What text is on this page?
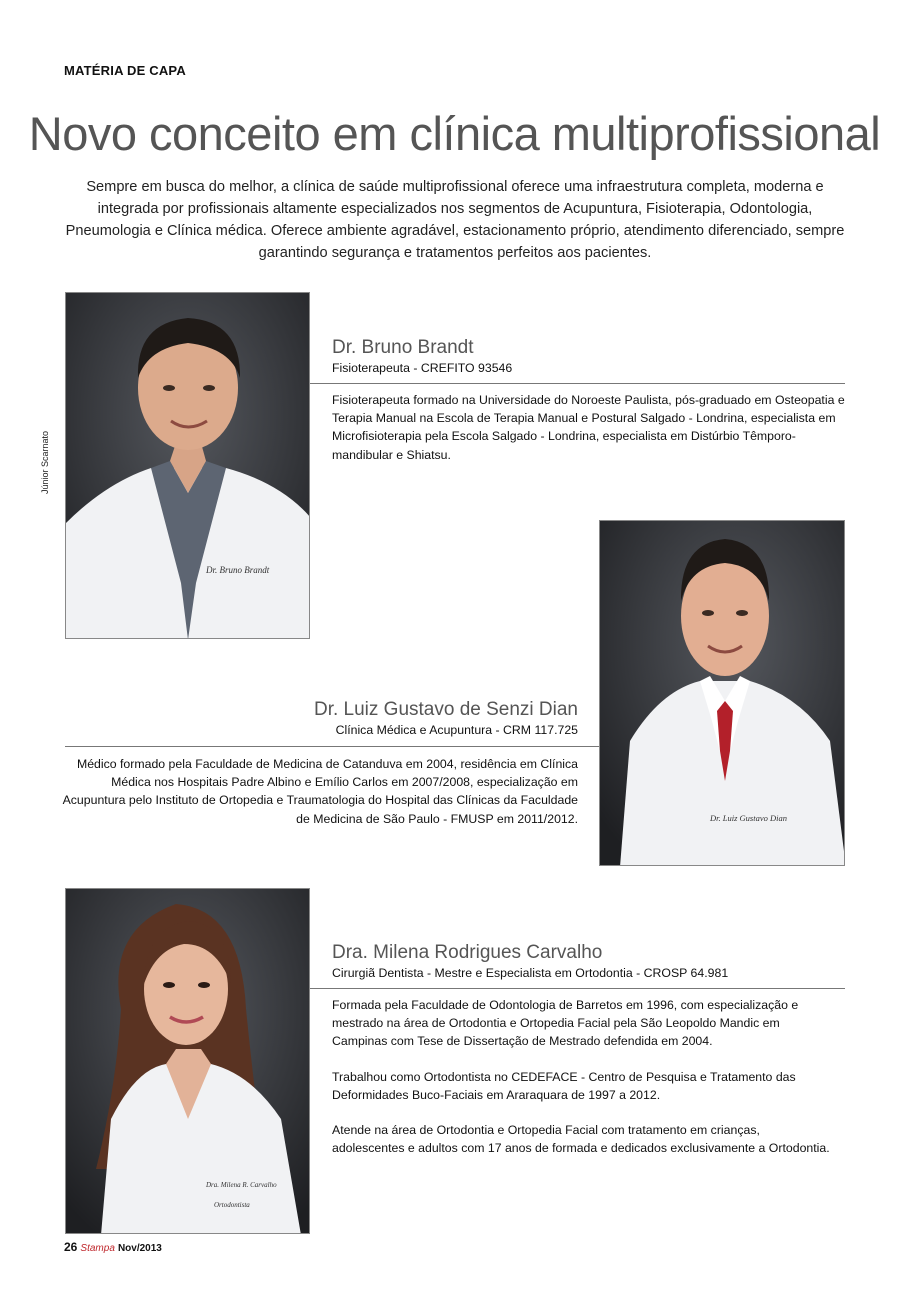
MATÉRIA DE CAPA
Novo conceito em clínica multiprofissional

Sempre em busca do melhor, a clínica de saúde multiprofissional oferece uma infraestrutura completa, moderna e integrada por profissionais altamente especializados nos segmentos de Acupuntura, Fisioterapia, Odontologia, Pneumologia e Clínica médica. Oferece ambiente agradável, estacionamento próprio, atendimento diferenciado, sempre garantindo segurança e tratamentos perfeitos aos pacientes.

Júnior Scarnato
Dr. Bruno Brandt
Dr. Bruno Brandt
Fisioterapeuta - CREFITO 93546

Fisioterapeuta formado na Universidade do Noroeste Paulista, pós-graduado em Osteopatia e Terapia Manual na Escola de Terapia Manual e Postural Salgado - Londrina, especialista em Microfisioterapia pela Escola Salgado - Londrina, especialista em Distúrbio Têmporo-mandibular e Shiatsu.

Dr. Luiz Gustavo Dian
Dr. Luiz Gustavo de Senzi Dian
Clínica Médica e Acupuntura - CRM 117.725

Médico formado pela Faculdade de Medicina de Catanduva em 2004, residência em Clínica Médica nos Hospitais Padre Albino e Emílio Carlos em 2007/2008, especialização em Acupuntura pelo Instituto de Ortopedia e Traumatologia do Hospital das Clínicas da Faculdade de Medicina de São Paulo - FMUSP em 2011/2012.

Dra. Milena R. Carvalho
Ortodontista
Dra. Milena Rodrigues Carvalho
Cirurgiã Dentista - Mestre e Especialista em Ortodontia - CROSP 64.981

Formada pela Faculdade de Odontologia de Barretos em 1996, com especialização e mestrado na área de Ortodontia e Ortopedia Facial pela São Leopoldo Mandic em Campinas com Tese de Dissertação de Mestrado defendida em 2004.

Trabalhou como Ortodontista no CEDEFACE - Centro de Pesquisa e Tratamento das Deformidades Buco-Faciais em Araraquara de 1997 a 2012.

Atende na área de Ortodontia e Ortopedia Facial com tratamento em crianças, adolescentes e adultos com 17 anos de formada e dedicados exclusivamente a Ortodontia.

26 Stampa Nov/2013
